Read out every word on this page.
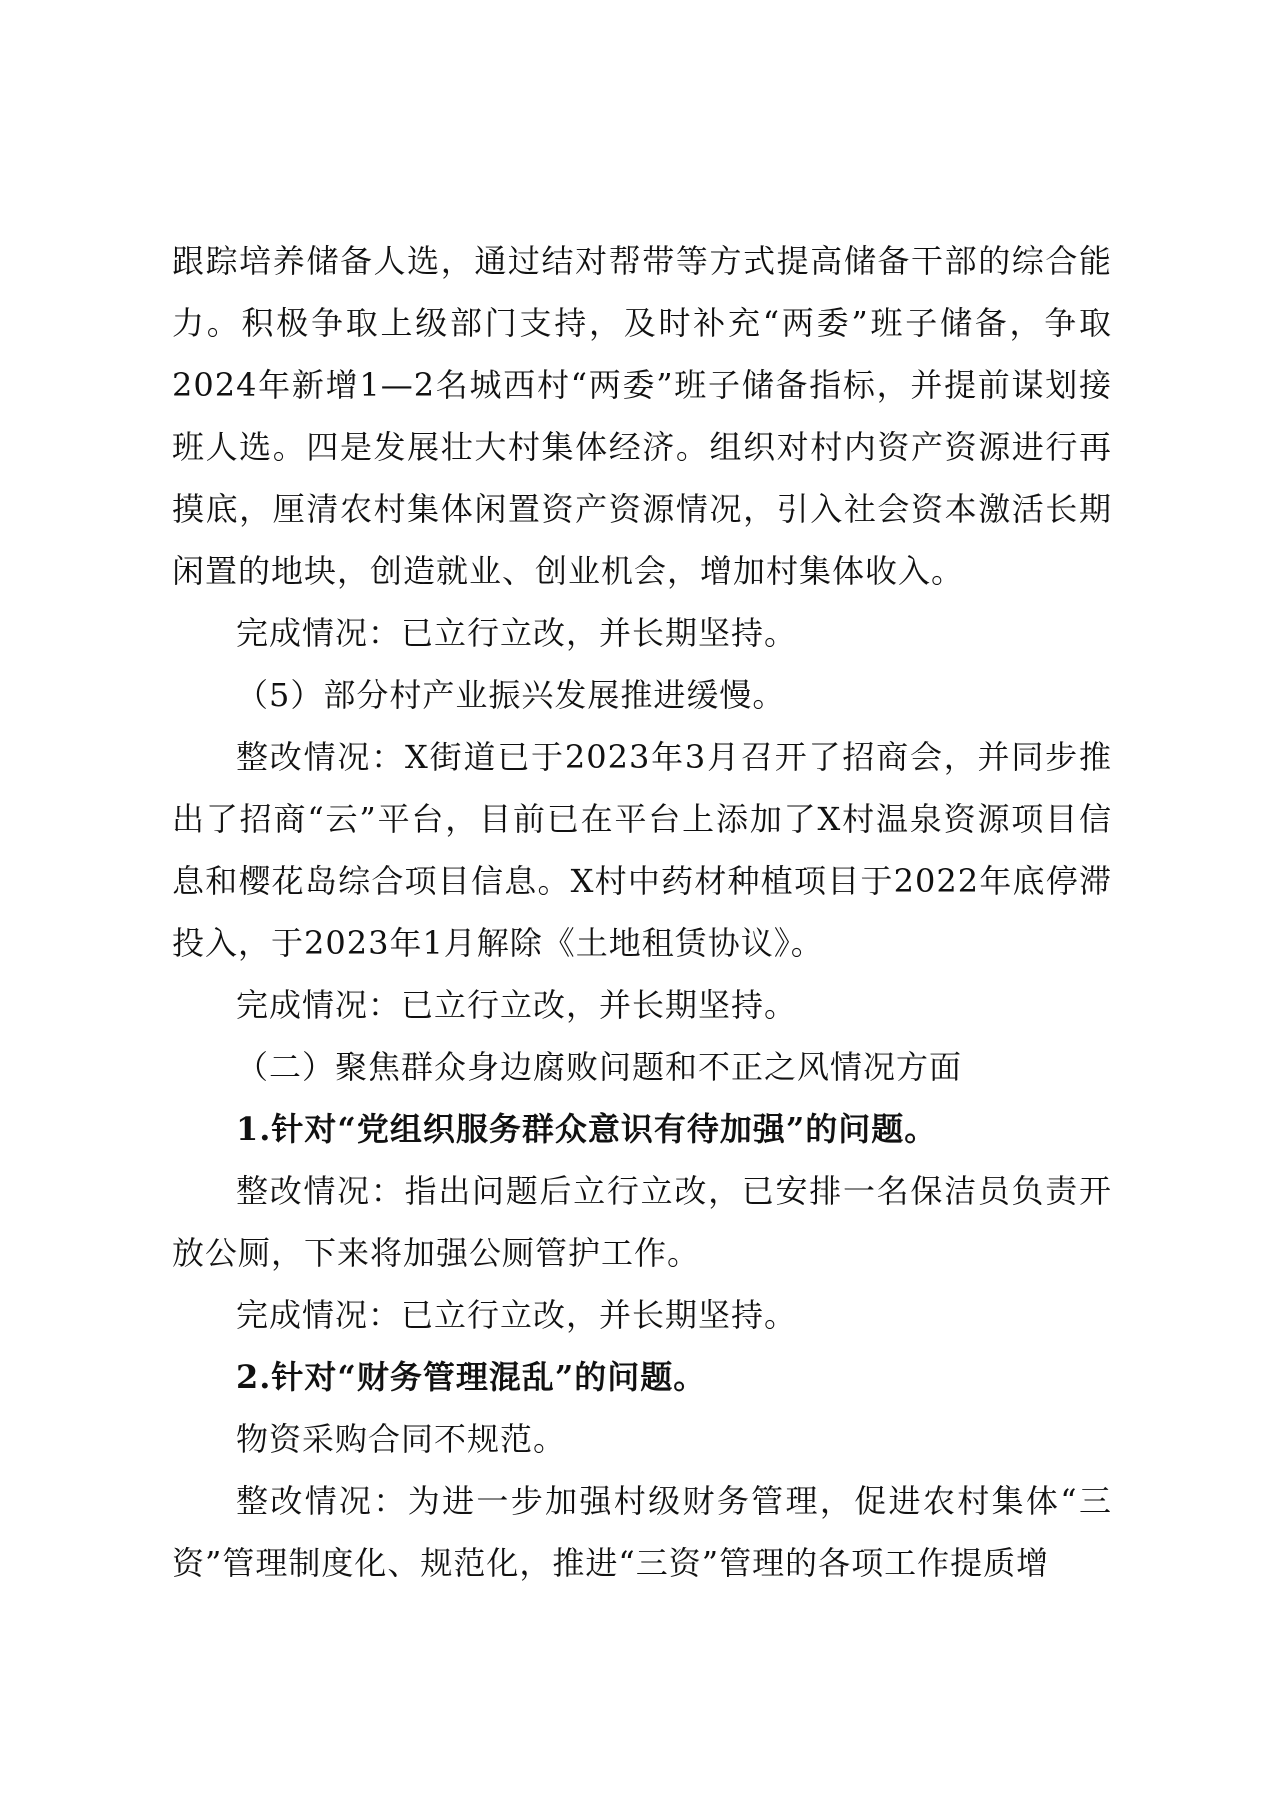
跟踪培养储备人选，通过结对帮带等方式提高储备干部的综合能力。积极争取上级部门支持，及时补充“两委”班子储备，争取2024年新增1—2名城西村“两委”班子储备指标，并提前谋划接班人选。四是发展壮大村集体经济。组织对村内资产资源进行再摸底，厘清农村集体闲置资产资源情况，引入社会资本激活长期闲置的地块，创造就业、创业机会，增加村集体收入。

完成情况：已立行立改，并长期坚持。

（5）部分村产业振兴发展推进缓慢。

整改情况：X街道已于2023年3月召开了招商会，并同步推出了招商“云”平台，目前已在平台上添加了X村温泉资源项目信息和樱花岛综合项目信息。X村中药材种植项目于2022年底停滞投入，于2023年1月解除《土地租赁协议》。

完成情况：已立行立改，并长期坚持。

（二）聚焦群众身边腐败问题和不正之风情况方面

1.针对“党组织服务群众意识有待加强”的问题。

整改情况：指出问题后立行立改，已安排一名保洁员负责开放公厕，下来将加强公厕管护工作。

完成情况：已立行立改，并长期坚持。

2.针对“财务管理混乱”的问题。

物资采购合同不规范。

整改情况：为进一步加强村级财务管理，促进农村集体“三资”管理制度化、规范化，推进“三资”管理的各项工作提质增
